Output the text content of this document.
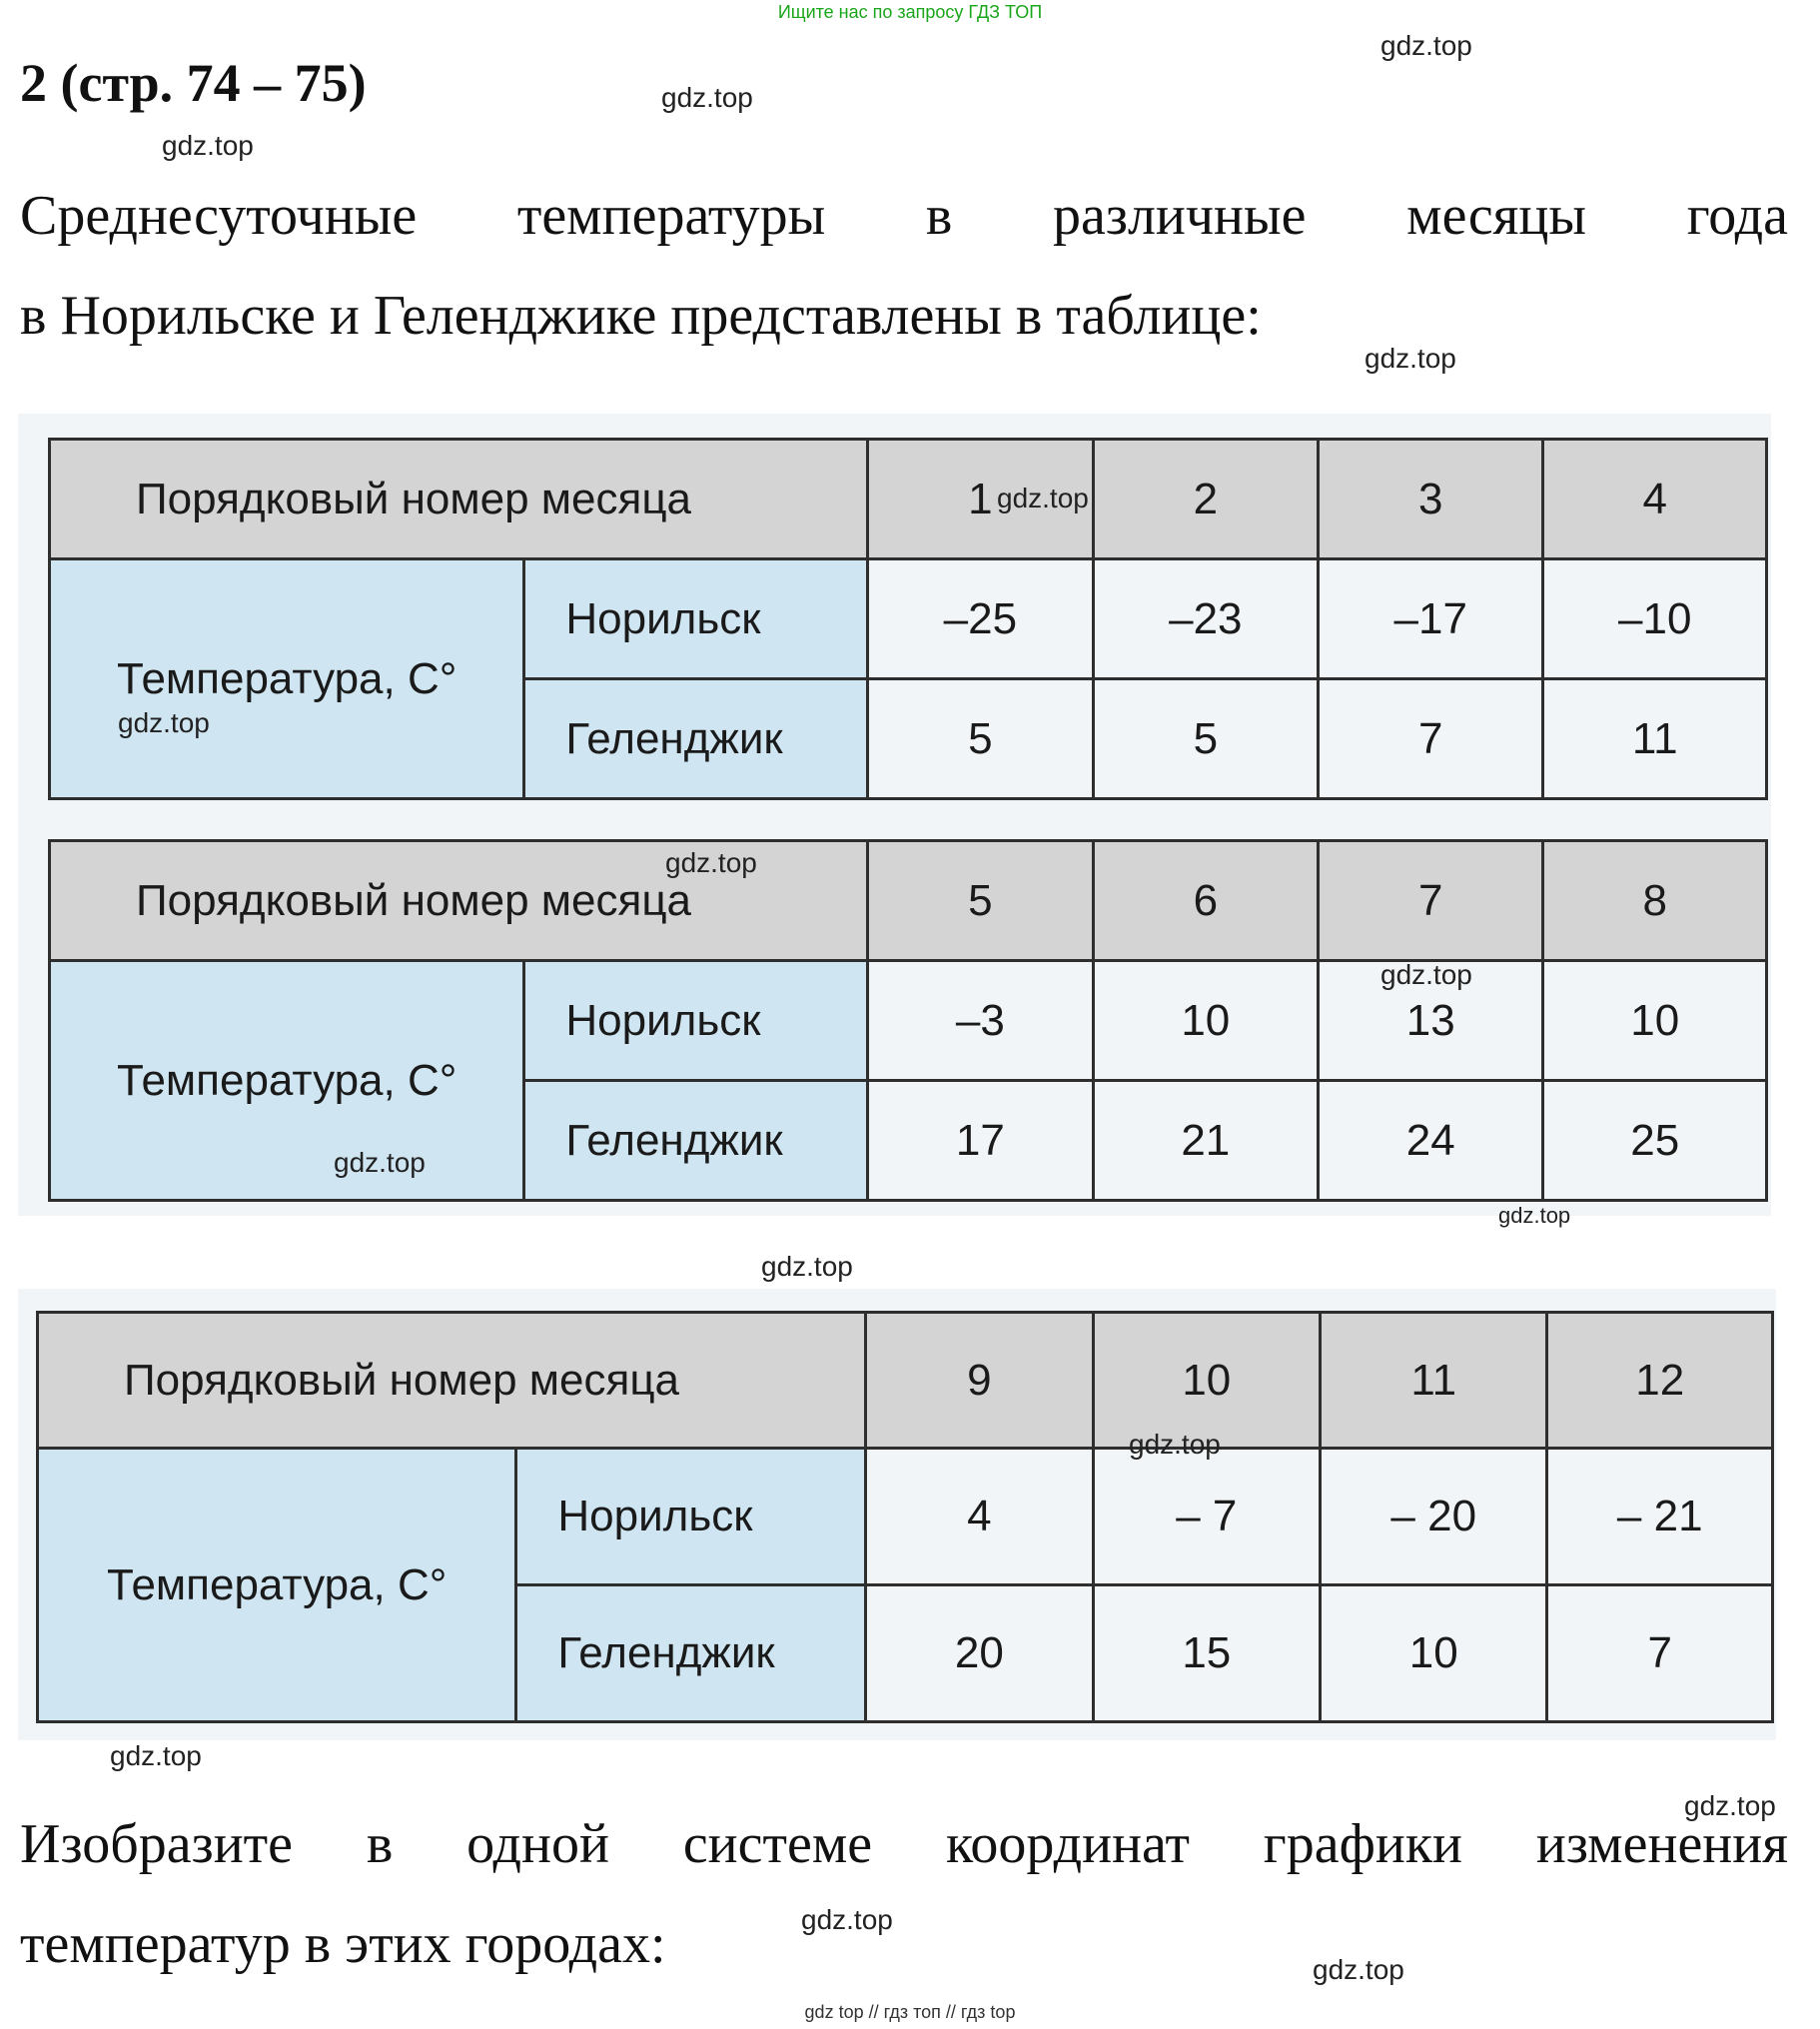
Ищите нас по запросу ГДЗ ТОП
2 (стр. 74 – 75)
Среднесуточные температуры в различные месяцы года
в Норильске и Геленджике представлены в таблице:
Порядковый номер месяца		1	2	3	4
Температура, С°	Норильск	–25	–23	–17	–10
	Геленджик	5	5	7	11
Порядковый номер месяца		5	6	7	8
Температура, С°	Норильск	–3	10	13	10
	Геленджик	17	21	24	25
Порядковый номер месяца		9	10	11	12
Температура, С°	Норильск	4	– 7	– 20	– 21
	Геленджик	20	15	10	7
Изобразите в одной системе координат графики изменения
температур в этих городах:
gdz.top
gdz.top
gdz.top
gdz.top
gdz.top
gdz.top
gdz.top
gdz.top
gdz.top
gdz.top
gdz.top
gdz.top
gdz.top
gdz.top
gdz.top
gdz.top
gdz top // гдз топ // гдз top
